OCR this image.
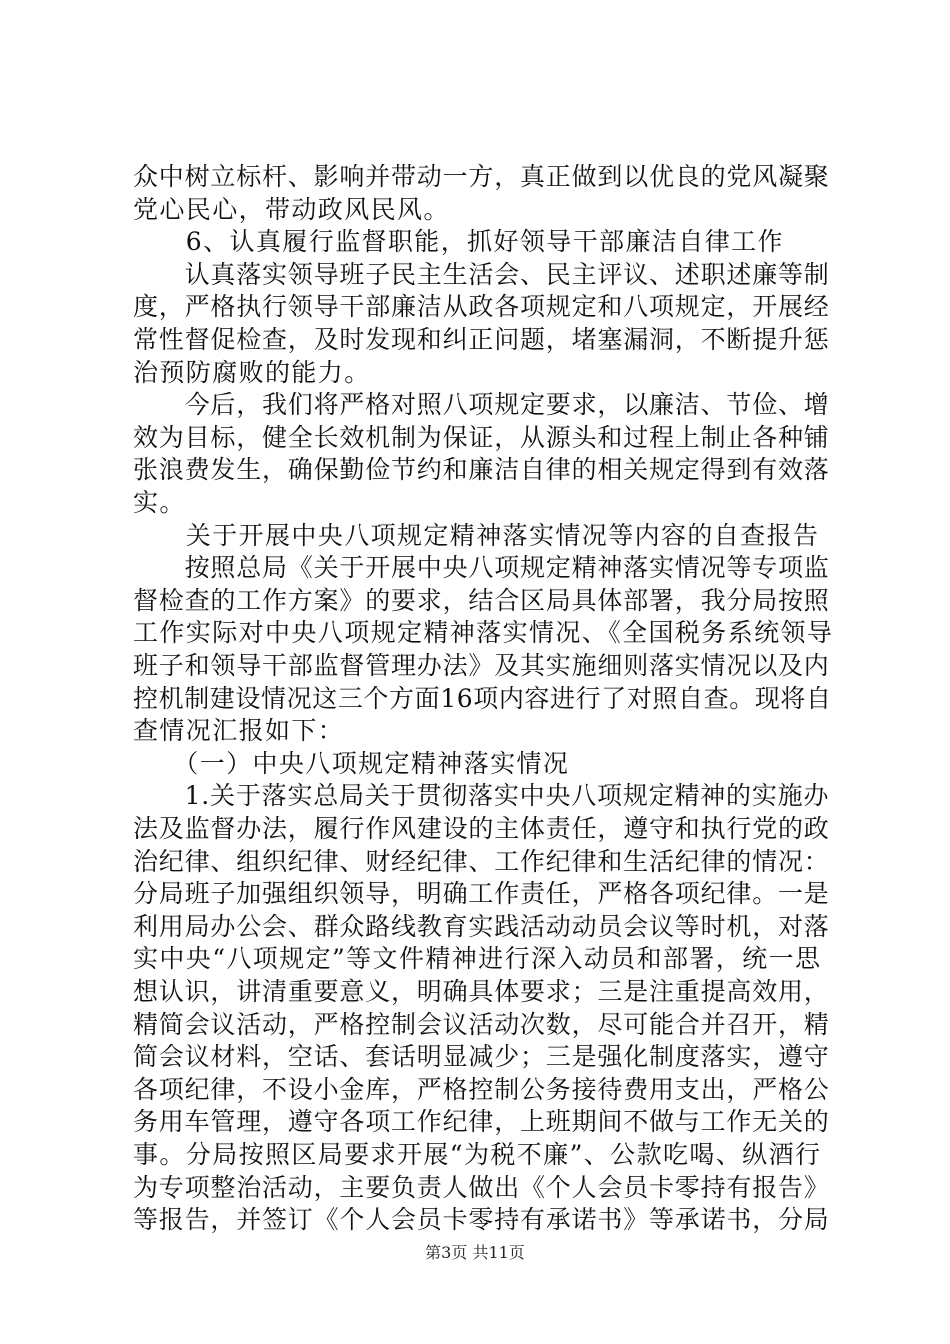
众中树立标杆、影响并带动一方，真正做到以优良的党风凝聚
党心民心，带动政风民风。
　　6、认真履行监督职能，抓好领导干部廉洁自律工作
　　认真落实领导班子民主生活会、民主评议、述职述廉等制
度，严格执行领导干部廉洁从政各项规定和八项规定，开展经
常性督促检查，及时发现和纠正问题，堵塞漏洞，不断提升惩
治预防腐败的能力。
　　今后，我们将严格对照八项规定要求，以廉洁、节俭、增
效为目标，健全长效机制为保证，从源头和过程上制止各种铺
张浪费发生，确保勤俭节约和廉洁自律的相关规定得到有效落
实。
　　关于开展中央八项规定精神落实情况等内容的自查报告
　　按照总局《关于开展中央八项规定精神落实情况等专项监
督检查的工作方案》的要求，结合区局具体部署，我分局按照
工作实际对中央八项规定精神落实情况、《全国税务系统领导
班子和领导干部监督管理办法》及其实施细则落实情况以及内
控机制建设情况这三个方面16项内容进行了对照自查。现将自
查情况汇报如下：
　　（一）中央八项规定精神落实情况
　　1.关于落实总局关于贯彻落实中央八项规定精神的实施办
法及监督办法，履行作风建设的主体责任，遵守和执行党的政
治纪律、组织纪律、财经纪律、工作纪律和生活纪律的情况：
分局班子加强组织领导，明确工作责任，严格各项纪律。一是
利用局办公会、群众路线教育实践活动动员会议等时机，对落
实中央“八项规定”等文件精神进行深入动员和部署，统一思
想认识，讲清重要意义，明确具体要求；三是注重提高效用，
精简会议活动，严格控制会议活动次数，尽可能合并召开，精
简会议材料，空话、套话明显减少；三是强化制度落实，遵守
各项纪律，不设小金库，严格控制公务接待费用支出，严格公
务用车管理，遵守各项工作纪律，上班期间不做与工作无关的
事。分局按照区局要求开展“为税不廉”、公款吃喝、纵酒行
为专项整治活动，主要负责人做出《个人会员卡零持有报告》
等报告，并签订《个人会员卡零持有承诺书》等承诺书，分局
第3页 共11页
